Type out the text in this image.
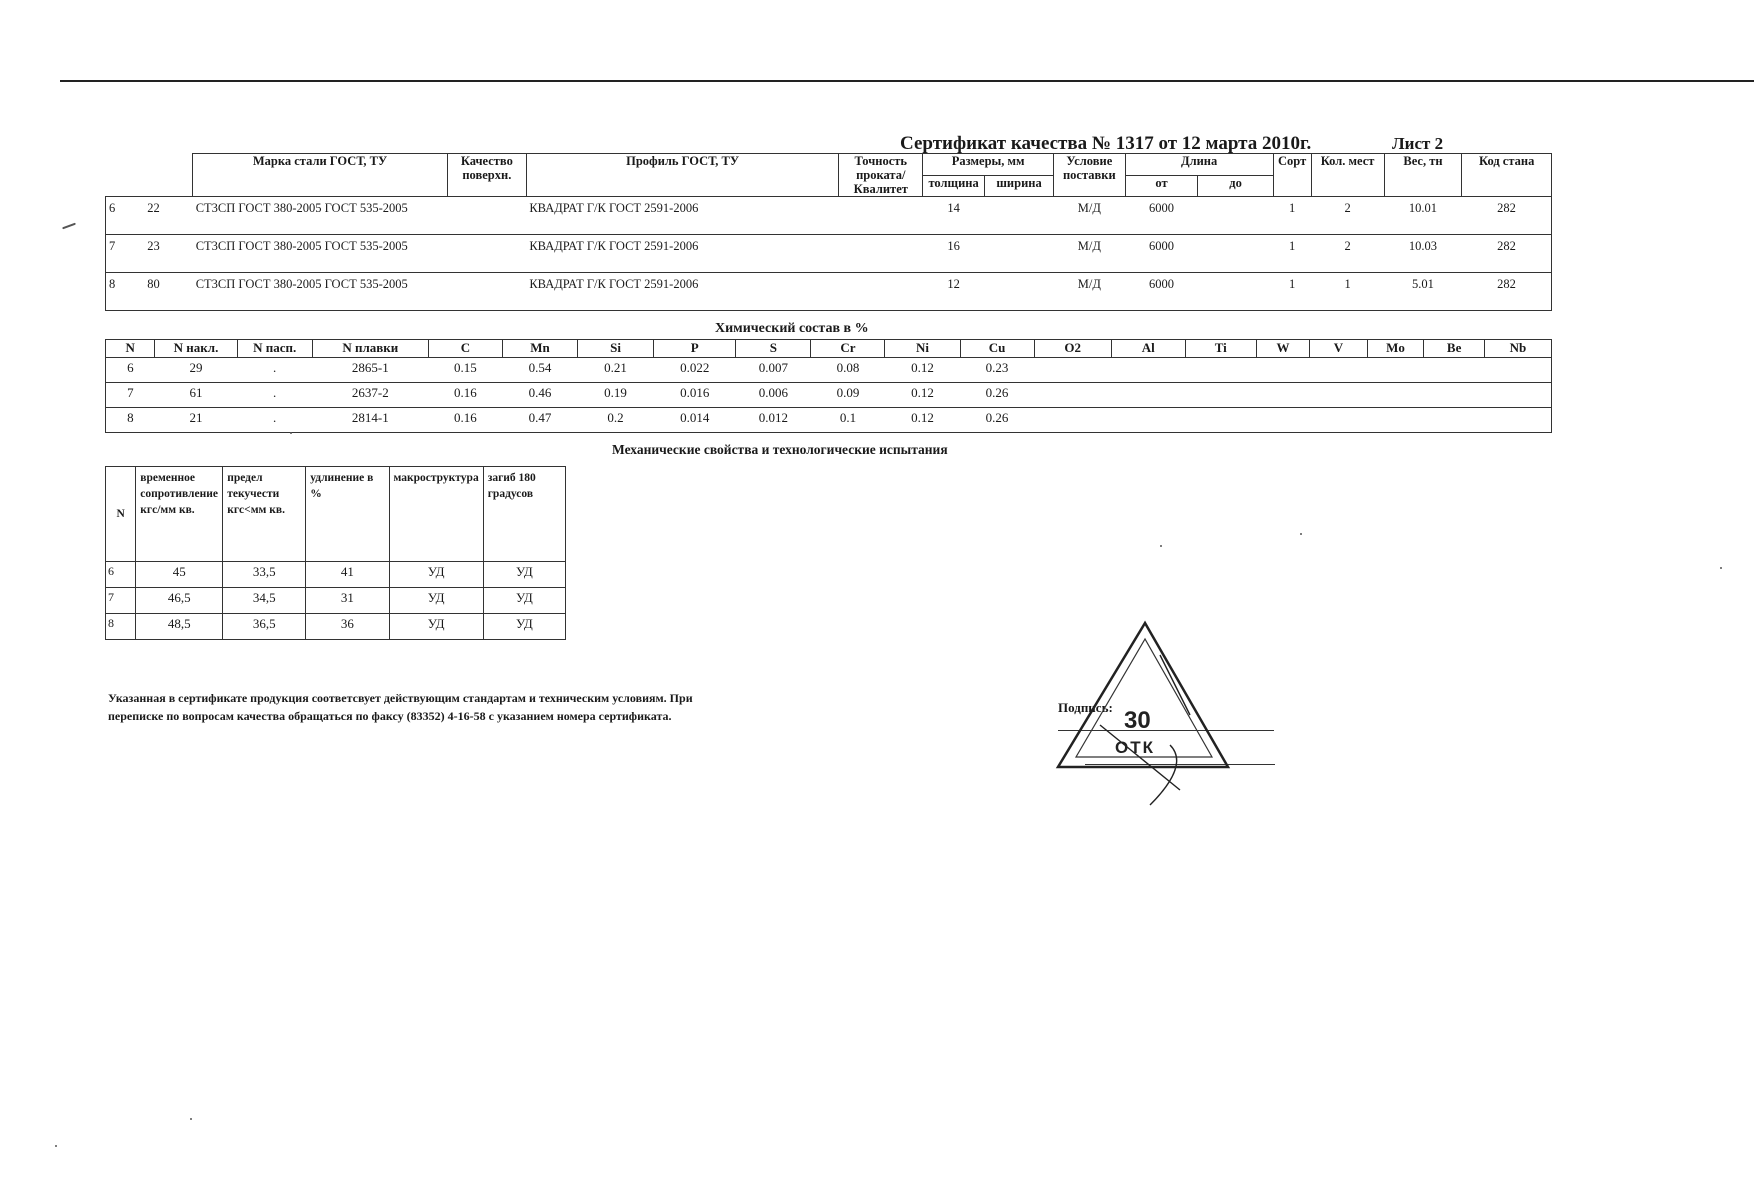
Сертификат качества № 1317 от 12 марта 2010г.	Лист 2
		Марка стали ГОСТ, ТУ	Качество поверхн.	Профиль ГОСТ, ТУ	Точность проката/ Квалитет	Размеры, мм		Условие поставки	Длина		Сорт	Кол. мест	Вес, тн	Код стана
						толщина	ширина		от	до				
6	22	СТ3СП ГОСТ 380-2005 ГОСТ 535-2005		КВАДРАТ Г/К ГОСТ 2591-2006		14		М/Д	6000		1	2	10.01	282
7	23	СТ3СП ГОСТ 380-2005 ГОСТ 535-2005		КВАДРАТ Г/К ГОСТ 2591-2006		16		М/Д	6000		1	2	10.03	282
8	80	СТ3СП ГОСТ 380-2005 ГОСТ 535-2005		КВАДРАТ Г/К ГОСТ 2591-2006		12		М/Д	6000		1	1	5.01	282
Химический состав в %
N	N накл.	N пасп.	N плавки	C	Mn	Si	P	S	Cr	Ni	Cu	O2	Al	Ti	W	V	Mo	Be	Nb
6	29	.	2865-1	0.15	0.54	0.21	0.022	0.007	0.08	0.12	0.23								
7	61	.	2637-2	0.16	0.46	0.19	0.016	0.006	0.09	0.12	0.26								
8	21	.	2814-1	0.16	0.47	0.2	0.014	0.012	0.1	0.12	0.26								
Механические свойства и технологические испытания
N	временное сопротивление кгс/мм кв.	предел текучести кгс<мм кв.	удлинение в %	макроструктура	загиб 180 градусов
6	45	33,5	41	УД	УД
7	46,5	34,5	31	УД	УД
8	48,5	36,5	36	УД	УД
Указанная в сертификате продукция соответсвует действующим стандартам и техническим условиям. При переписке по вопросам качества обращаться по факсу (83352) 4-16-58 с указанием номера сертификата.
Подпись: 30
ОТК
